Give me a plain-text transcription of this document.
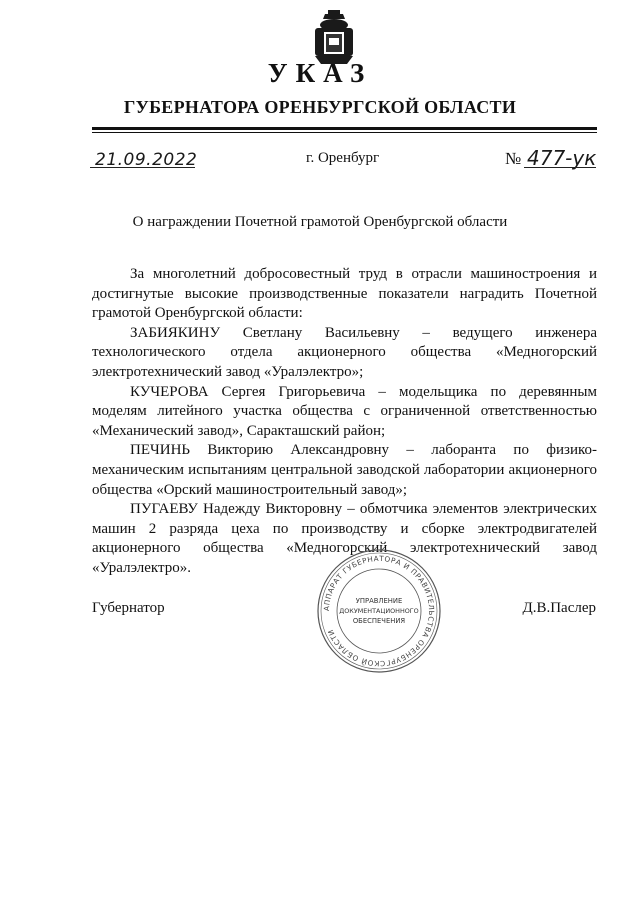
УКАЗ
ГУБЕРНАТОРА ОРЕНБУРГСКОЙ ОБЛАСТИ
21.09.2022	г. Оренбург	№ 477-ук
О награждении Почетной грамотой Оренбургской области

За многолетний добросовестный труд в отрасли машиностроения и достигнутые высокие производственные показатели наградить Почетной грамотой Оренбургской области:

ЗАБИЯКИНУ Светлану Васильевну – ведущего инженера технологического отдела акционерного общества «Медногорский электротехнический завод «Уралэлектро»;

КУЧЕРОВА Сергея Григорьевича – модельщика по деревянным моделям литейного участка общества с ограниченной ответственностью «Механический завод», Саракташский район;

ПЕЧИНЬ Викторию Александровну – лаборанта по физико-механическим испытаниям центральной заводской лаборатории акционерного общества «Орский машиностроительный завод»;

ПУГАЕВУ Надежду Викторовну – обмотчика элементов электрических машин 2 разряда цеха по производству и сборке электродвигателей акционерного общества «Медногорский электротехнический завод «Уралэлектро».

Губернатор	Д.В.Паслер
АППАРАТ ГУБЕРНАТОРА И ПРАВИТЕЛЬСТВА ОРЕНБУРГСКОЙ ОБЛАСТИ
УПРАВЛЕНИЕ
ДОКУМЕНТАЦИОННОГО
ОБЕСПЕЧЕНИЯ
